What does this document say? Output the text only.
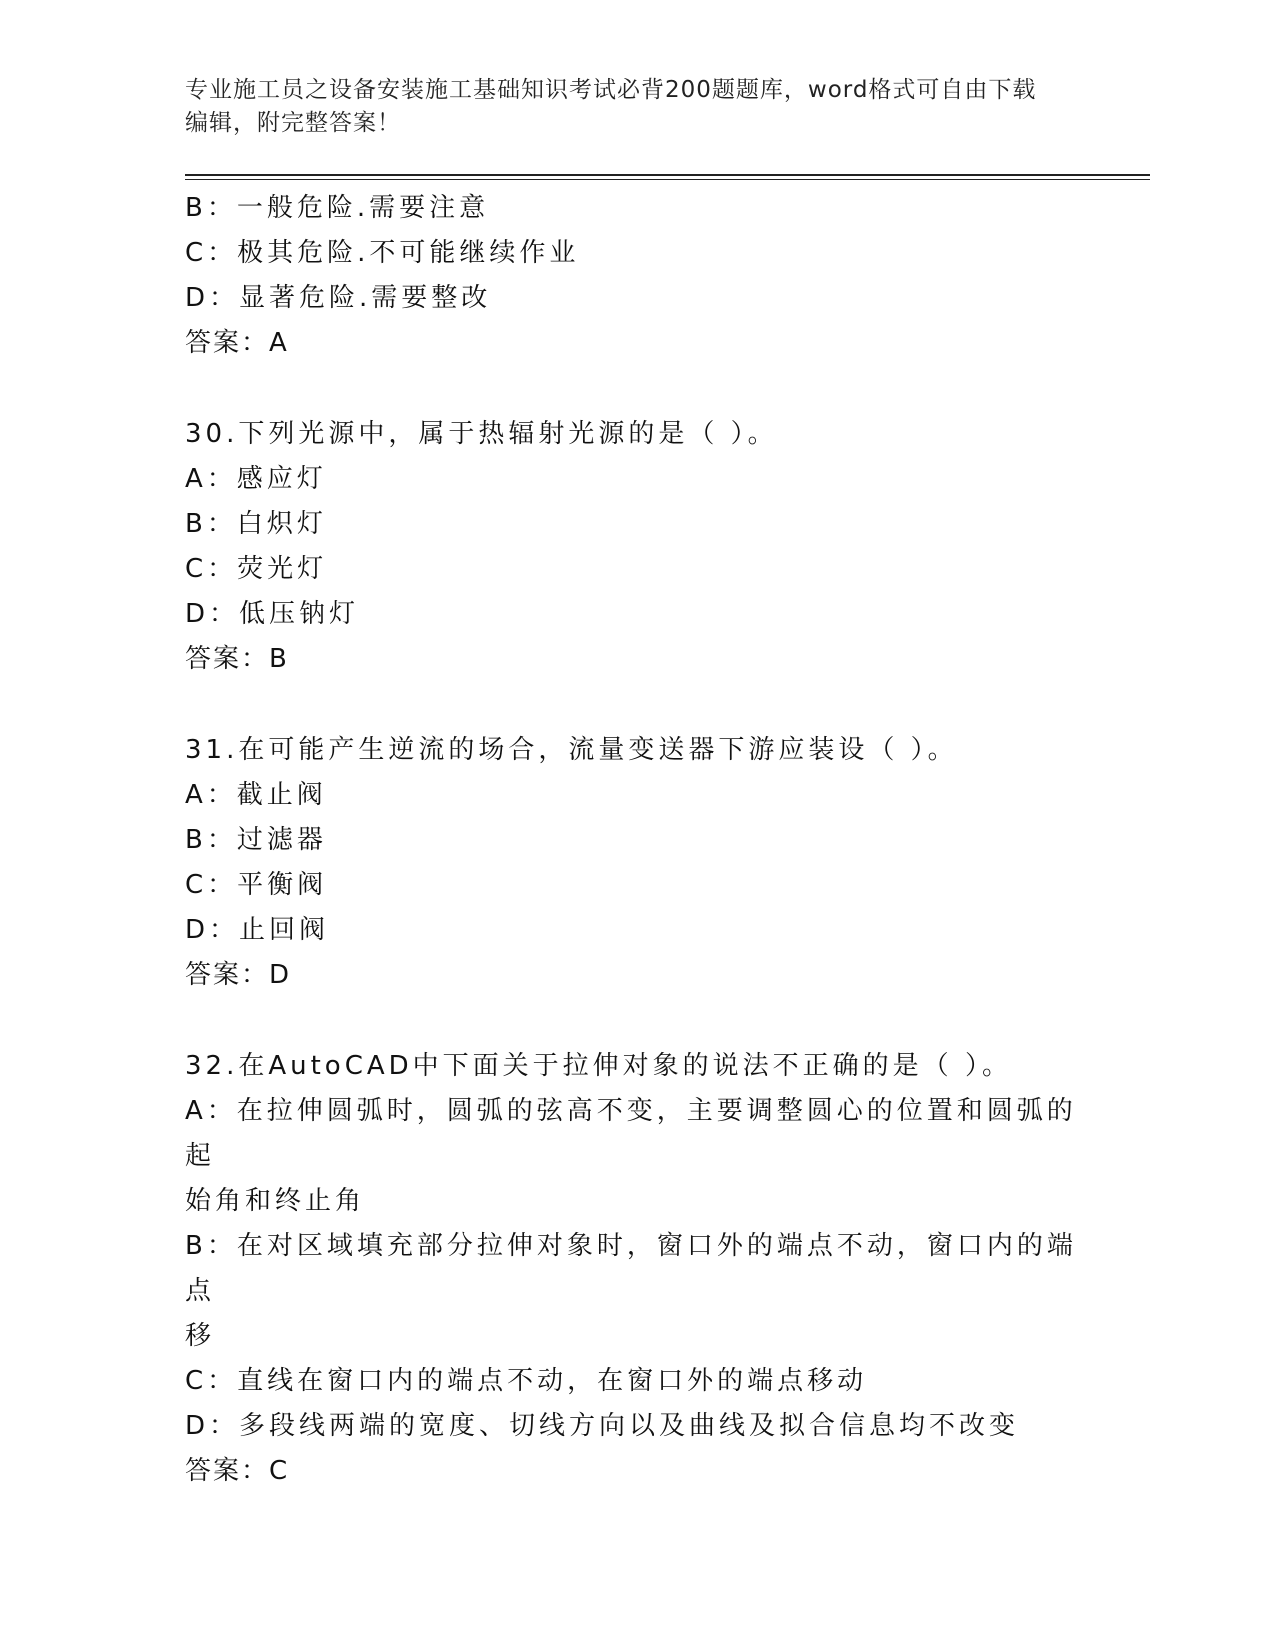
专业施工员之设备安装施工基础知识考试必背200题题库，word格式可自由下载
编辑，附完整答案！
B：一般危险.需要注意
C：极其危险.不可能继续作业
D：显著危险.需要整改
答案：A
30.下列光源中，属于热辐射光源的是（ ）。
A：感应灯
B：白炽灯
C：荧光灯
D：低压钠灯
答案：B
31.在可能产生逆流的场合，流量变送器下游应装设（ ）。
A：截止阀
B：过滤器
C：平衡阀
D：止回阀
答案：D
32.在AutoCAD中下面关于拉伸对象的说法不正确的是（ ）。
A：在拉伸圆弧时，圆弧的弦高不变，主要调整圆心的位置和圆弧的起
始角和终止角
B：在对区域填充部分拉伸对象时，窗口外的端点不动，窗口内的端点
移
C：直线在窗口内的端点不动，在窗口外的端点移动
D：多段线两端的宽度、切线方向以及曲线及拟合信息均不改变
答案：C
